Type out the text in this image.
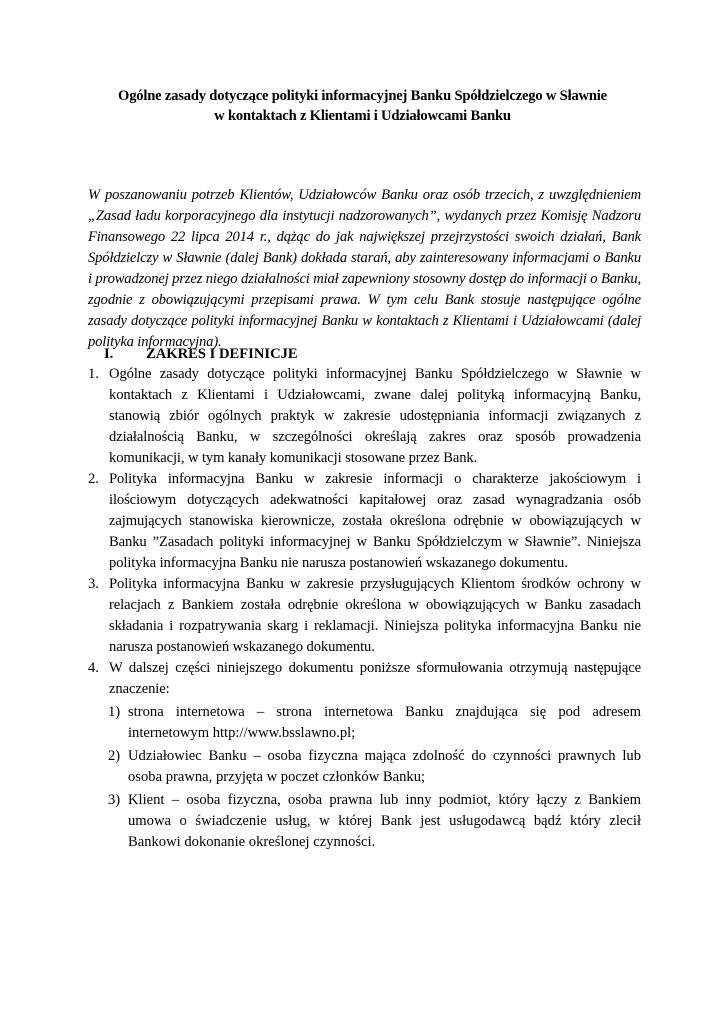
Ogólne zasady dotyczące polityki informacyjnej Banku Spółdzielczego w Sławnie
w kontaktach z Klientami i Udziałowcami Banku
W poszanowaniu potrzeb Klientów, Udziałowców Banku oraz osób trzecich, z uwzględnieniem „Zasad ładu korporacyjnego dla instytucji nadzorowanych”, wydanych przez Komisję Nadzoru Finansowego 22 lipca 2014 r., dążąc do jak największej przejrzystości swoich działań, Bank Spółdzielczy w Sławnie (dalej Bank) dokłada starań, aby zainteresowany informacjami o Banku i prowadzonej przez niego działalności miał zapewniony stosowny dostęp do informacji o Banku, zgodnie z obowiązującymi przepisami prawa. W tym celu Bank stosuje następujące ogólne zasady dotyczące polityki informacyjnej Banku w kontaktach z Klientami i Udziałowcami (dalej polityka informacyjna).
I. ZAKRES I DEFINICJE
1. Ogólne zasady dotyczące polityki informacyjnej Banku Spółdzielczego w Sławnie w kontaktach z Klientami i Udziałowcami, zwane dalej polityką informacyjną Banku, stanowią zbiór ogólnych praktyk w zakresie udostępniania informacji związanych z działalnością Banku, w szczególności określają zakres oraz sposób prowadzenia komunikacji, w tym kanały komunikacji stosowane przez Bank.
2. Polityka informacyjna Banku w zakresie informacji o charakterze jakościowym i ilościowym dotyczących adekwatności kapitałowej oraz zasad wynagradzania osób zajmujących stanowiska kierownicze, została określona odrębnie w obowiązujących w Banku ”Zasadach polityki informacyjnej w Banku Spółdzielczym w Sławnie”. Niniejsza polityka informacyjna Banku nie narusza postanowień wskazanego dokumentu.
3. Polityka informacyjna Banku w zakresie przysługujących Klientom środków ochrony w relacjach z Bankiem została odrębnie określona w obowiązujących w Banku zasadach składania i rozpatrywania skarg i reklamacji. Niniejsza polityka informacyjna Banku nie narusza postanowień wskazanego dokumentu.
4. W dalszej części niniejszego dokumentu poniższe sformułowania otrzymują następujące znaczenie:
1) strona internetowa – strona internetowa Banku znajdująca się pod adresem internetowym http://www.bsslawno.pl;
2) Udziałowiec Banku – osoba fizyczna mająca zdolność do czynności prawnych lub osoba prawna, przyjęta w poczet członków Banku;
3) Klient – osoba fizyczna, osoba prawna lub inny podmiot, który łączy z Bankiem umowa o świadczenie usług, w której Bank jest usługodawcą bądź który zlecił Bankowi dokonanie określonej czynności.
